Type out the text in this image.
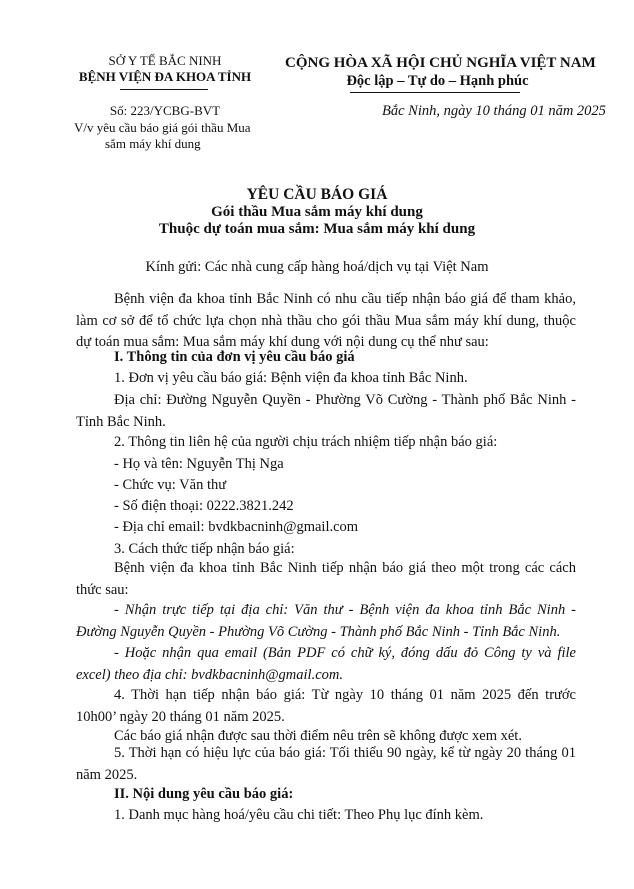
SỞ Y TẾ BẮC NINH
BỆNH VIỆN ĐA KHOA TỈNH
CỘNG HÒA XÃ HỘI CHỦ NGHĨA VIỆT NAM
Độc lập – Tự do – Hạnh phúc
Số: 223/YCBG-BVT
V/v yêu cầu báo giá gói thầu Mua
sắm máy khí dung
Bắc Ninh, ngày 10 tháng 01 năm 2025
YÊU CẦU BÁO GIÁ
Gói thầu Mua sắm máy khí dung
Thuộc dự toán mua sắm: Mua sắm máy khí dung
Kính gửi: Các nhà cung cấp hàng hoá/dịch vụ tại Việt Nam
Bệnh viện đa khoa tỉnh Bắc Ninh có nhu cầu tiếp nhận báo giá để tham khảo, làm cơ sở để tổ chức lựa chọn nhà thầu cho gói thầu Mua sắm máy khí dung, thuộc dự toán mua sắm: Mua sắm máy khí dung với nội dung cụ thể như sau:
I. Thông tin của đơn vị yêu cầu báo giá
1. Đơn vị yêu cầu báo giá: Bệnh viện đa khoa tỉnh Bắc Ninh.
Địa chỉ: Đường Nguyễn Quyền - Phường Võ Cường - Thành phố Bắc Ninh - Tỉnh Bắc Ninh.
2. Thông tin liên hệ của người chịu trách nhiệm tiếp nhận báo giá:
- Họ và tên: Nguyễn Thị Nga
- Chức vụ: Văn thư
- Số điện thoại: 0222.3821.242
- Địa chỉ email: bvdkbacninh@gmail.com
3. Cách thức tiếp nhận báo giá:
Bệnh viện đa khoa tỉnh Bắc Ninh tiếp nhận báo giá theo một trong các cách thức sau:
- Nhận trực tiếp tại địa chỉ: Văn thư - Bệnh viện đa khoa tỉnh Bắc Ninh - Đường Nguyễn Quyền - Phường Võ Cường - Thành phố Bắc Ninh - Tỉnh Bắc Ninh.
- Hoặc nhận qua email (Bản PDF có chữ ký, đóng dấu đỏ Công ty và file excel) theo địa chỉ: bvdkbacninh@gmail.com.
4. Thời hạn tiếp nhận báo giá: Từ ngày 10 tháng 01 năm 2025 đến trước 10h00’ ngày 20 tháng 01 năm 2025.
Các báo giá nhận được sau thời điểm nêu trên sẽ không được xem xét.
5. Thời hạn có hiệu lực của báo giá: Tối thiểu 90 ngày, kể từ ngày 20 tháng 01 năm 2025.
II. Nội dung yêu cầu báo giá:
1. Danh mục hàng hoá/yêu cầu chi tiết: Theo Phụ lục đính kèm.
